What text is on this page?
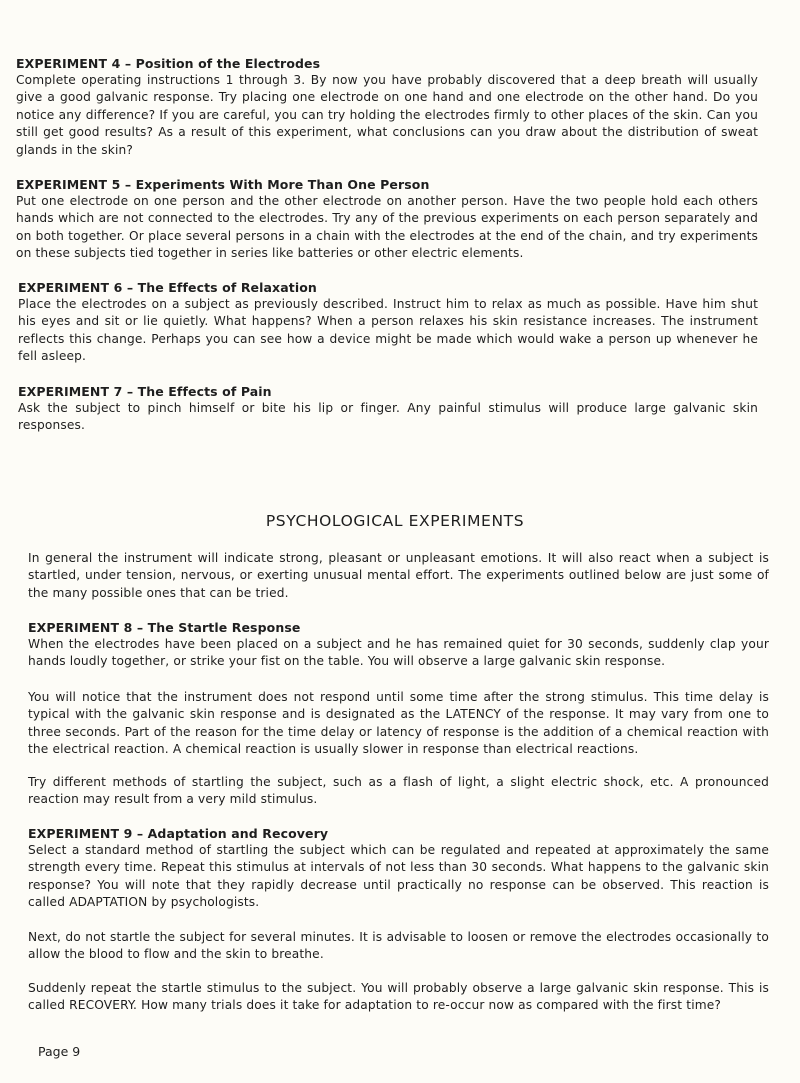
EXPERIMENT 4 – Position of the Electrodes

Complete operating instructions 1 through 3. By now you have probably discovered that a deep breath will usually give a good galvanic response. Try placing one electrode on one hand and one electrode on the other hand. Do you notice any difference? If you are careful, you can try holding the electrodes firmly to other places of the skin. Can you still get good results? As a result of this experiment, what conclusions can you draw about the distribution of sweat glands in the skin?

EXPERIMENT 5 – Experiments With More Than One Person

Put one electrode on one person and the other electrode on another person. Have the two people hold each others hands which are not connected to the electrodes. Try any of the previous experiments on each person separately and on both together. Or place several persons in a chain with the electrodes at the end of the chain, and try experiments on these subjects tied together in series like batteries or other electric elements.

EXPERIMENT 6 – The Effects of Relaxation

Place the electrodes on a subject as previously described. Instruct him to relax as much as possible. Have him shut his eyes and sit or lie quietly. What happens? When a person relaxes his skin resistance increases. The instrument reflects this change. Perhaps you can see how a device might be made which would wake a person up whenever he fell asleep.

EXPERIMENT 7 – The Effects of Pain

Ask the subject to pinch himself or bite his lip or finger. Any painful stimulus will produce large galvanic skin responses.

PSYCHOLOGICAL EXPERIMENTS

In general the instrument will indicate strong, pleasant or unpleasant emotions. It will also react when a subject is startled, under tension, nervous, or exerting unusual mental effort. The experiments outlined below are just some of the many possible ones that can be tried.

EXPERIMENT 8 – The Startle Response

When the electrodes have been placed on a subject and he has remained quiet for 30 seconds, suddenly clap your hands loudly together, or strike your fist on the table. You will observe a large galvanic skin response.

You will notice that the instrument does not respond until some time after the strong stimulus. This time delay is typical with the galvanic skin response and is designated as the LATENCY of the response. It may vary from one to three seconds. Part of the reason for the time delay or latency of response is the addition of a chemical reaction with the electrical reaction. A chemical reaction is usually slower in response than electrical reactions.

Try different methods of startling the subject, such as a flash of light, a slight electric shock, etc. A pronounced reaction may result from a very mild stimulus.

EXPERIMENT 9 – Adaptation and Recovery

Select a standard method of startling the subject which can be regulated and repeated at approximately the same strength every time. Repeat this stimulus at intervals of not less than 30 seconds. What happens to the galvanic skin response? You will note that they rapidly decrease until practically no response can be observed. This reaction is called ADAPTATION by psychologists.

Next, do not startle the subject for several minutes. It is advisable to loosen or remove the electrodes occasionally to allow the blood to flow and the skin to breathe.

Suddenly repeat the startle stimulus to the subject. You will probably observe a large galvanic skin response. This is called RECOVERY. How many trials does it take for adaptation to re-occur now as compared with the first time?

Page 9
